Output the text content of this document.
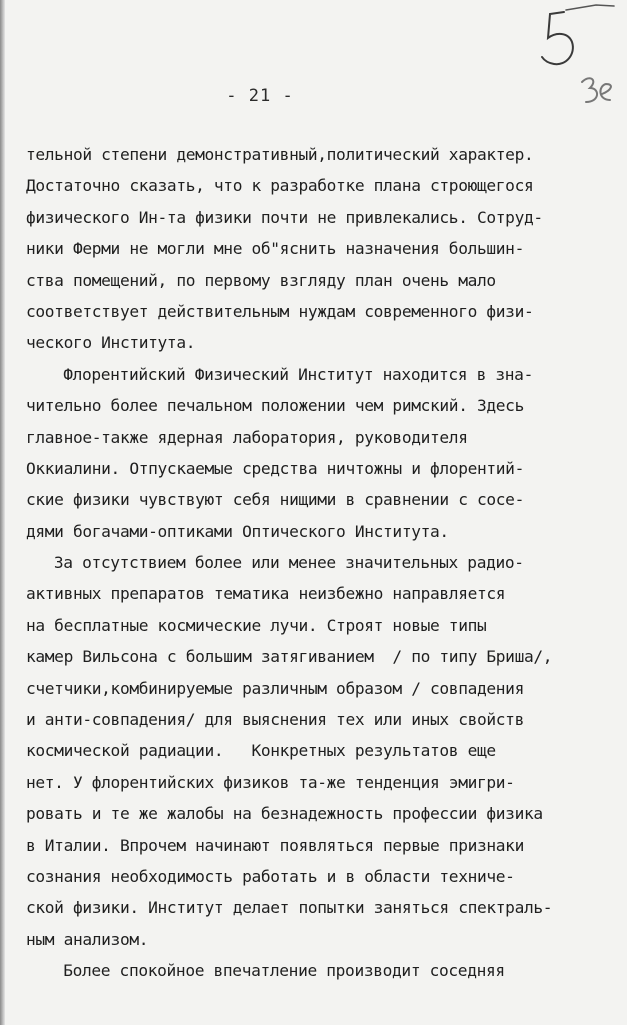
- 21 -
тельной степени демонстративный,политический характер.
Достаточно сказать, что к разработке плана строющегося
физического Ин-та физики почти не привлекались. Сотруд-
ники Ферми не могли мне об"яснить назначения большин-
ства помещений, по первому взгляду план очень мало
соответствует действительным нуждам современного физи-
ческого Института.
Флорентийский Физический Институт находится в зна-
чительно более печальном положении чем римский. Здесь
главное-также ядерная лаборатория, руководителя
Оккиалини. Отпускаемые средства ничтожны и флорентий-
ские физики чувствуют себя нищими в сравнении с сосе-
дями богачами-оптиками Оптического Института.
За отсутствием более или менее значительных радио-
активных препаратов тематика неизбежно направляется
на бесплатные космические лучи. Строят новые типы
камер Вильсона с большим затягиванием  / по типу Бриша/,
счетчики,комбинируемые различным образом / совпадения
и анти-совпадения/ для выяснения тех или иных свойств
космической радиации.   Конкретных результатов еще
нет. У флорентийских физиков та-же тенденция эмигри-
ровать и те же жалобы на безнадежность профессии физика
в Италии. Впрочем начинают появляться первые признаки
сознания необходимость работать и в области техниче-
ской физики. Институт делает попытки заняться спектраль-
ным анализом.
Более спокойное впечатление производит соседняя
